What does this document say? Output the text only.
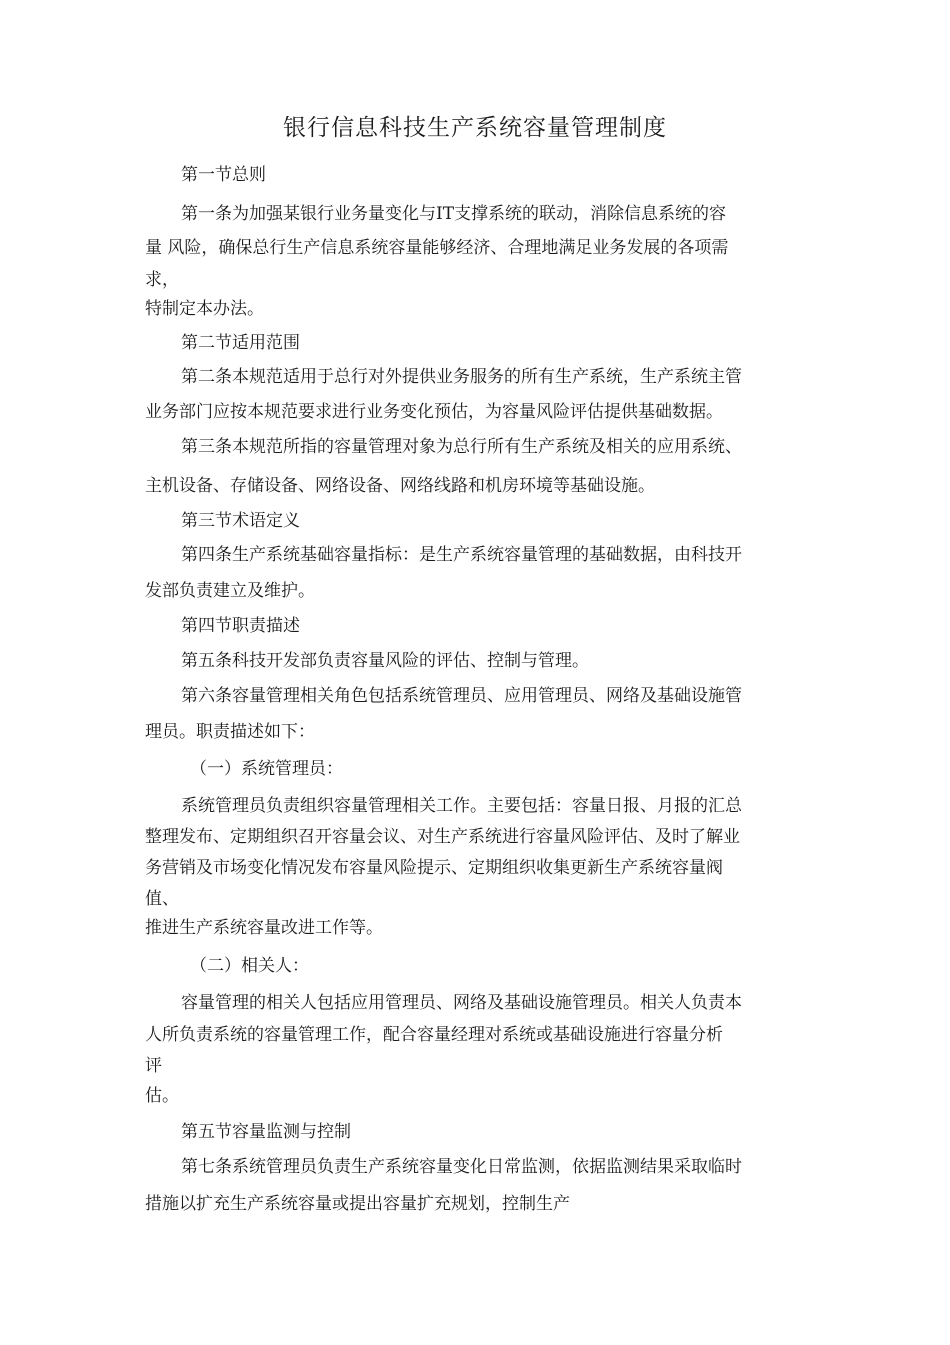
银行信息科技生产系统容量管理制度
第一节总则
第一条为加强某银行业务量变化与IT支撑系统的联动，消除信息系统的容
量 风险，确保总行生产信息系统容量能够经济、合理地满足业务发展的各项需
求，
特制定本办法。
第二节适用范围
第二条本规范适用于总行对外提供业务服务的所有生产系统，生产系统主管
业务部门应按本规范要求进行业务变化预估，为容量风险评估提供基础数据。
第三条本规范所指的容量管理对象为总行所有生产系统及相关的应用系统、
主机设备、存储设备、网络设备、网络线路和机房环境等基础设施。
第三节术语定义
第四条生产系统基础容量指标：是生产系统容量管理的基础数据，由科技开
发部负责建立及维护。
第四节职责描述
第五条科技开发部负责容量风险的评估、控制与管理。
第六条容量管理相关角色包括系统管理员、应用管理员、网络及基础设施管
理员。职责描述如下：
（一）系统管理员：
系统管理员负责组织容量管理相关工作。主要包括：容量日报、月报的汇总
整理发布、定期组织召开容量会议、对生产系统进行容量风险评估、及时了解业
务营销及市场变化情况发布容量风险提示、定期组织收集更新生产系统容量阀
值、
推进生产系统容量改进工作等。
（二）相关人：
容量管理的相关人包括应用管理员、网络及基础设施管理员。相关人负责本
人所负责系统的容量管理工作，配合容量经理对系统或基础设施进行容量分析
评
估。
第五节容量监测与控制
第七条系统管理员负责生产系统容量变化日常监测，依据监测结果采取临时
措施以扩充生产系统容量或提出容量扩充规划，控制生产
